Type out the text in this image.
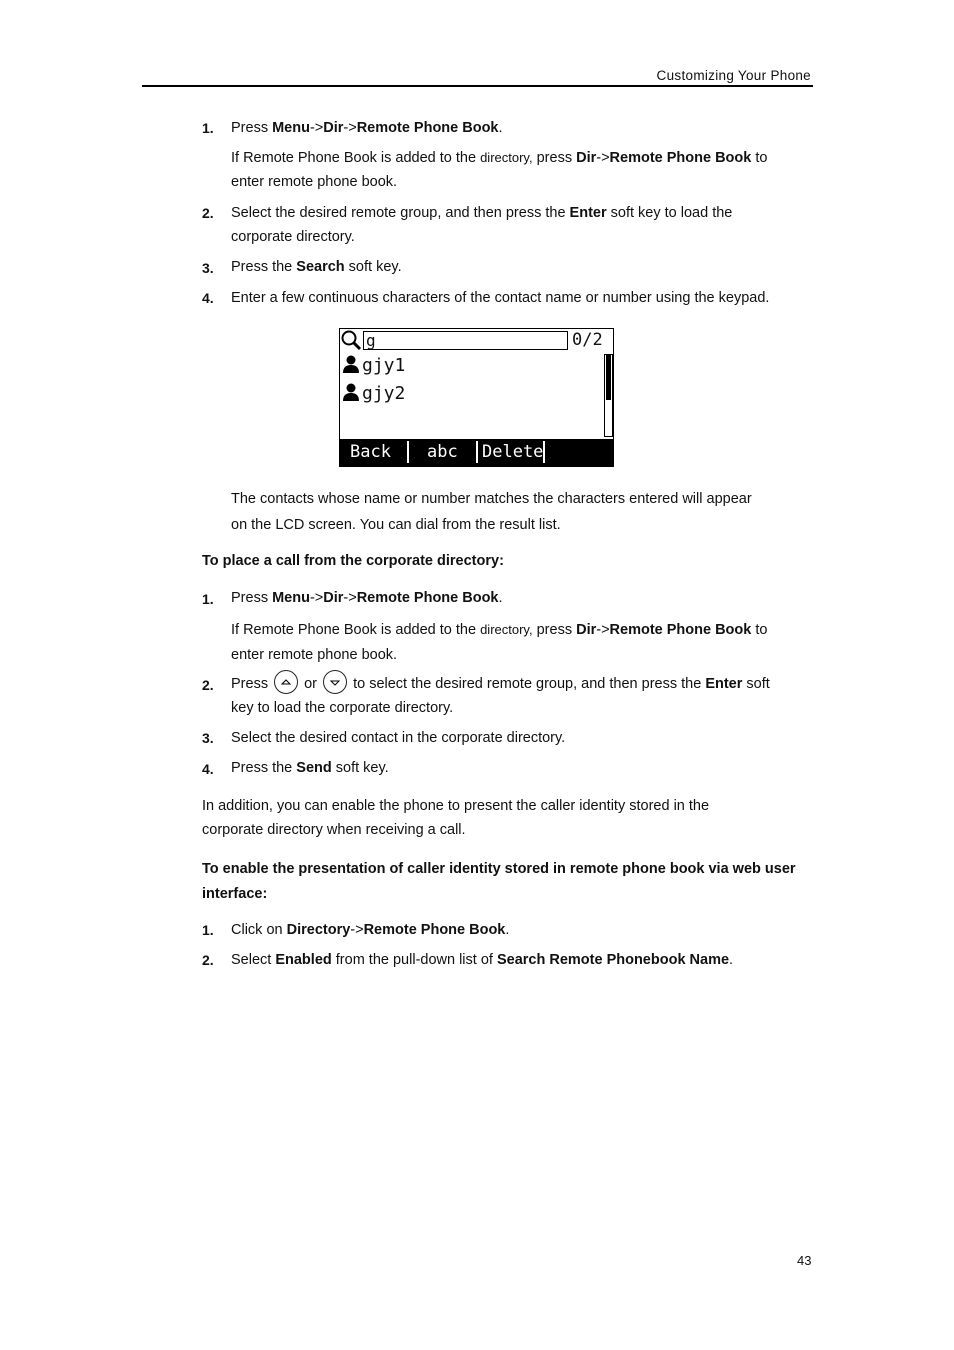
Customizing Your Phone
1. Press Menu->Dir->Remote Phone Book.
If Remote Phone Book is added to the directory, press Dir->Remote Phone Book to
enter remote phone book.
2. Select the desired remote group, and then press the Enter soft key to load the
corporate directory.
3. Press the Search soft key.
4. Enter a few continuous characters of the contact name or number using the keypad.
g	0/2
gjy1
gjy2
Back abc Delete
The contacts whose name or number matches the characters entered will appear
on the LCD screen. You can dial from the result list.
To place a call from the corporate directory:
1. Press Menu->Dir->Remote Phone Book.
If Remote Phone Book is added to the directory, press Dir->Remote Phone Book to
enter remote phone book.
2. Press
or
to select the desired remote group, and then press the Enter soft
key to load the corporate directory.
3. Select the desired contact in the corporate directory.
4. Press the Send soft key.
In addition, you can enable the phone to present the caller identity stored in the
corporate directory when receiving a call.
To enable the presentation of caller identity stored in remote phone book via web user
interface:
1. Click on Directory->Remote Phone Book.
2. Select Enabled from the pull-down list of Search Remote Phonebook Name.
43
